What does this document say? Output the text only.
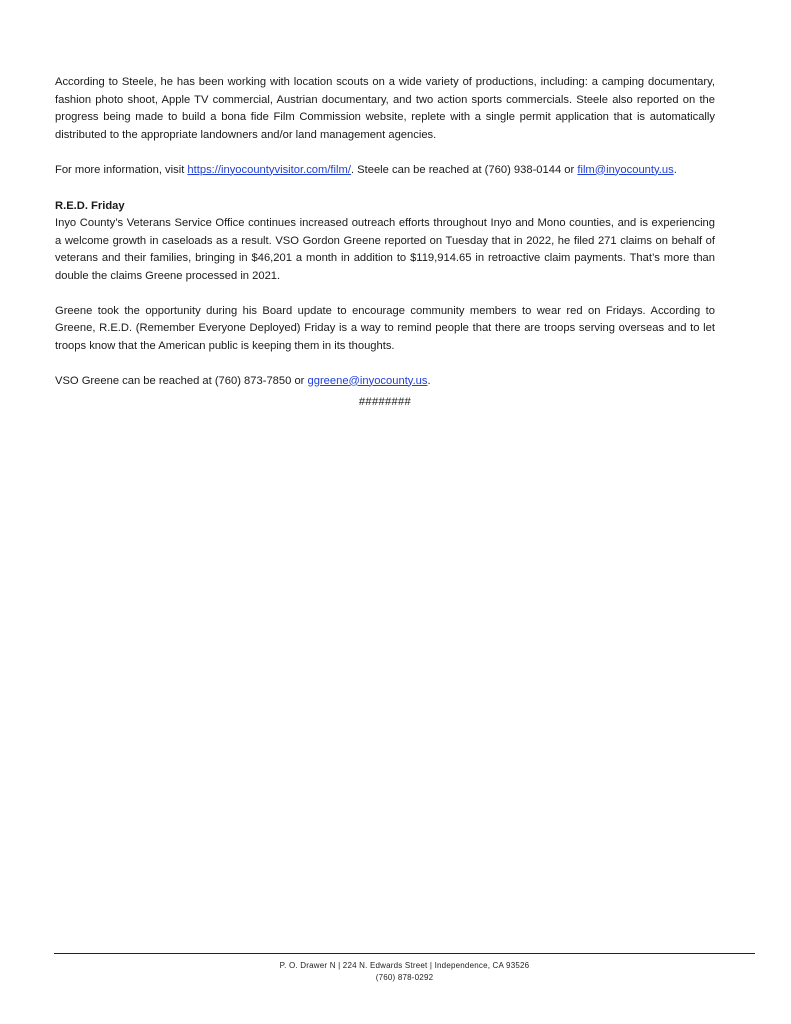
According to Steele, he has been working with location scouts on a wide variety of productions, including: a camping documentary, fashion photo shoot, Apple TV commercial, Austrian documentary, and two action sports commercials. Steele also reported on the progress being made to build a bona fide Film Commission website, replete with a single permit application that is automatically distributed to the appropriate landowners and/or land management agencies.

For more information, visit https://inyocountyvisitor.com/film/. Steele can be reached at (760) 938-0144 or film@inyocounty.us.

R.E.D. Friday

Inyo County’s Veterans Service Office continues increased outreach efforts throughout Inyo and Mono counties, and is experiencing a welcome growth in caseloads as a result. VSO Gordon Greene reported on Tuesday that in 2022, he filed 271 claims on behalf of veterans and their families, bringing in $46,201 a month in addition to $119,914.65 in retroactive claim payments. That’s more than double the claims Greene processed in 2021.

Greene took the opportunity during his Board update to encourage community members to wear red on Fridays. According to Greene, R.E.D. (Remember Everyone Deployed) Friday is a way to remind people that there are troops serving overseas and to let troops know that the American public is keeping them in its thoughts.

VSO Greene can be reached at (760) 873-7850 or ggreene@inyocounty.us.

########
P. O. Drawer N | 224 N. Edwards Street | Independence, CA 93526
(760) 878-0292
